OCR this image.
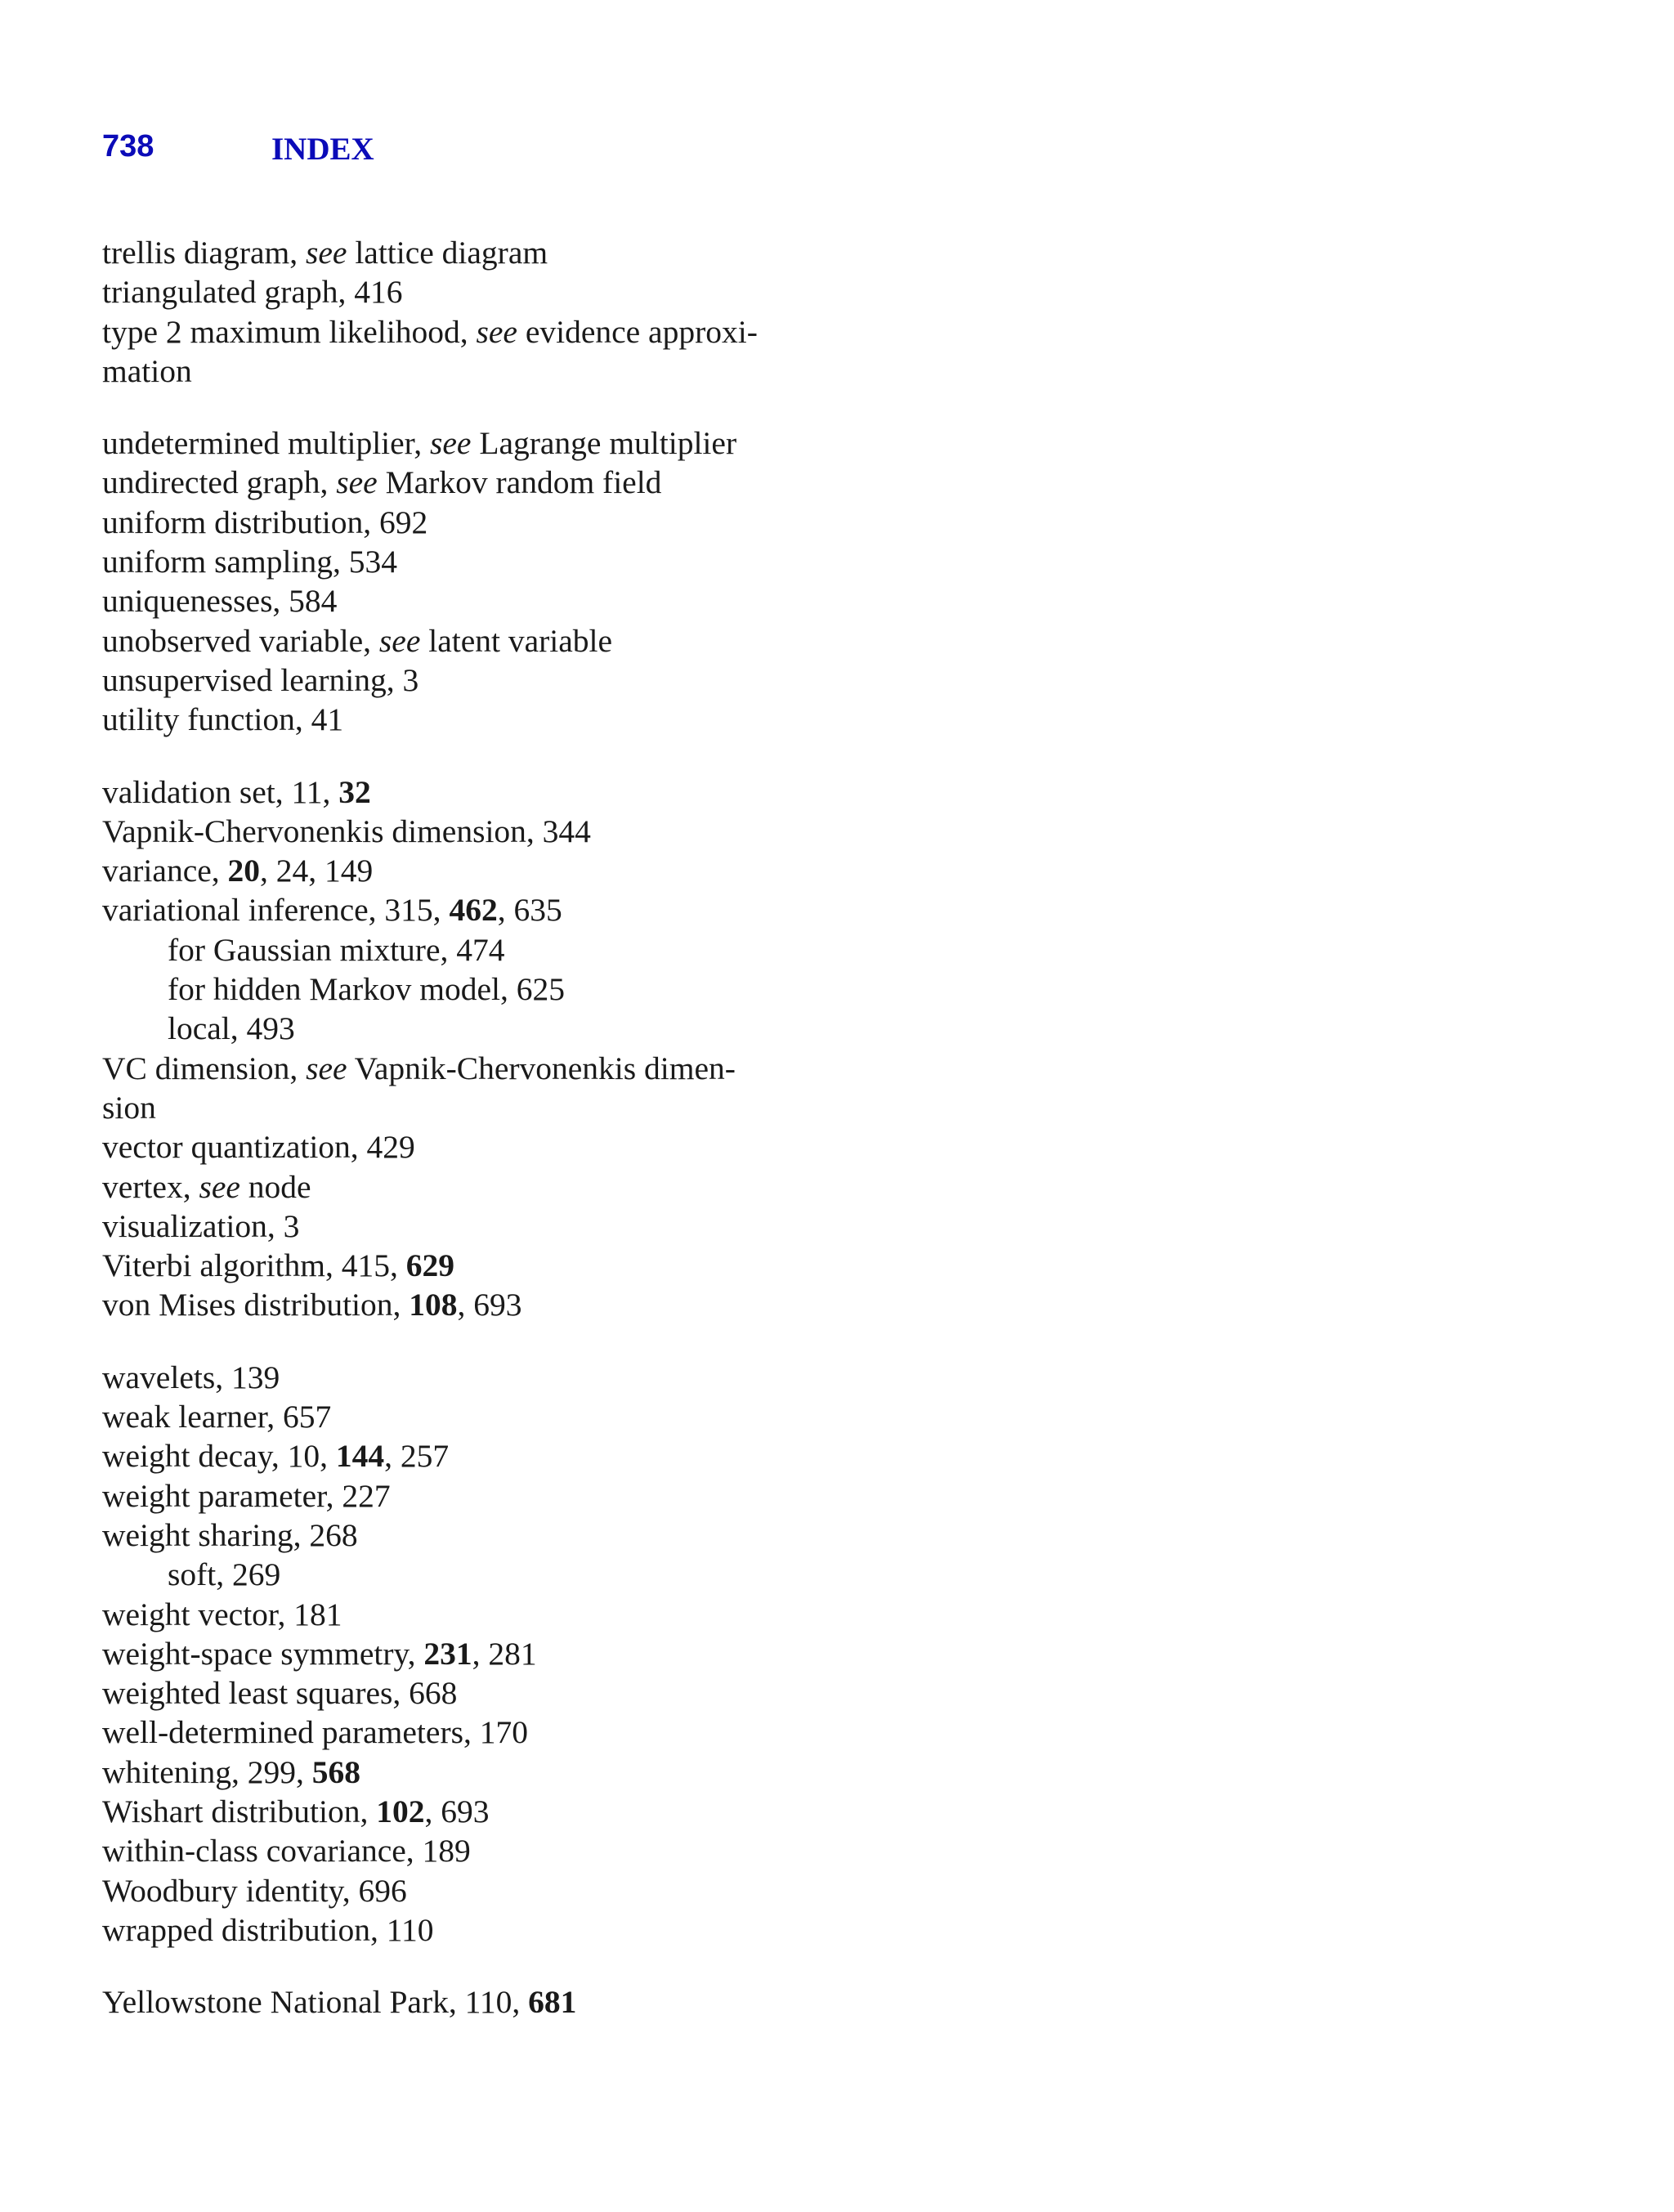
738	INDEX

trellis diagram, see lattice diagram

triangulated graph, 416

type 2 maximum likelihood, see evidence approxi-
mation

undetermined multiplier, see Lagrange multiplier

undirected graph, see Markov random field

uniform distribution, 692

uniform sampling, 534

uniquenesses, 584

unobserved variable, see latent variable

unsupervised learning, 3

utility function, 41

validation set, 11, 32

Vapnik-Chervonenkis dimension, 344

variance, 20, 24, 149

variational inference, 315, 462, 635

for Gaussian mixture, 474

for hidden Markov model, 625

local, 493

VC dimension, see Vapnik-Chervonenkis dimen-
sion

vector quantization, 429

vertex, see node

visualization, 3

Viterbi algorithm, 415, 629

von Mises distribution, 108, 693

wavelets, 139

weak learner, 657

weight decay, 10, 144, 257

weight parameter, 227

weight sharing, 268

soft, 269

weight vector, 181

weight-space symmetry, 231, 281

weighted least squares, 668

well-determined parameters, 170

whitening, 299, 568

Wishart distribution, 102, 693

within-class covariance, 189

Woodbury identity, 696

wrapped distribution, 110

Yellowstone National Park, 110, 681
